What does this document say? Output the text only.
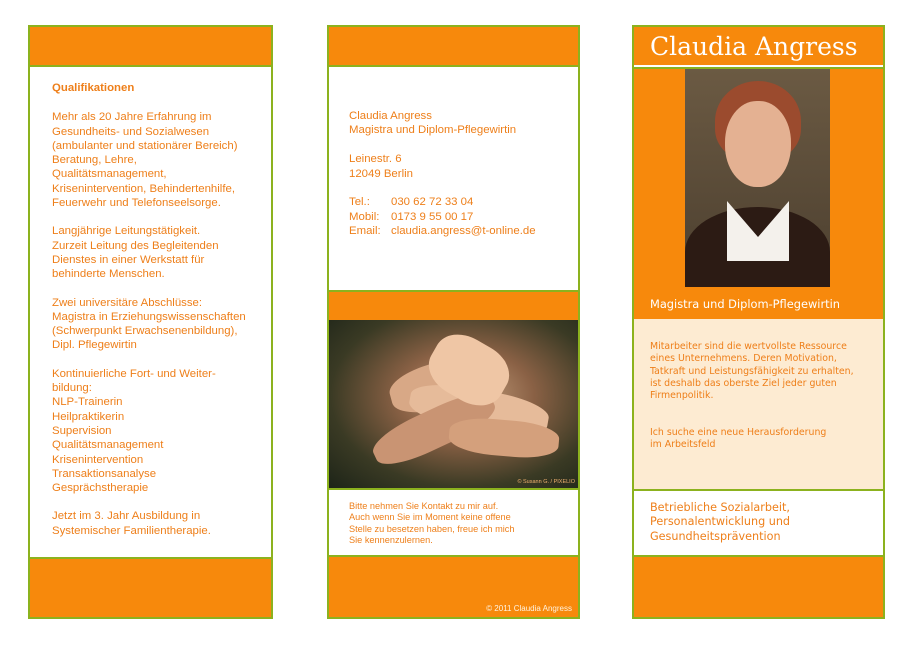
Qualifikationen

Mehr als 20 Jahre Erfahrung im
Gesundheits- und Sozialwesen
(ambulanter und stationärer Bereich)
Beratung, Lehre,
Qualitätsmanagement,
Krisenintervention, Behindertenhilfe,
Feuerwehr und Telefonseelsorge.

Langjährige Leitungstätigkeit.
Zurzeit Leitung des Begleitenden
Dienstes in einer Werkstatt für
behinderte Menschen.

Zwei universitäre Abschlüsse:
Magistra in Erziehungswissenschaften
(Schwerpunkt Erwachsenenbildung),
Dipl. Pflegewirtin

Kontinuierliche Fort- und Weiter-
bildung:
NLP-Trainerin
Heilpraktikerin
Supervision
Qualitätsmanagement
Krisenintervention
Transaktionsanalyse
Gesprächstherapie

Jetzt im 3. Jahr Ausbildung in
Systemischer Familientherapie.

Claudia Angress
Magistra und Diplom-Pflegewirtin
Leinestr. 6
12049 Berlin
Tel.:	030 62 72 33 04
Mobil:	0173 9 55 00 17
Email: claudia.angress@t-online.de
© Susann G. / PIXELIO
Bitte nehmen Sie Kontakt zu mir auf.
Auch wenn Sie im Moment keine offene
Stelle zu besetzen haben, freue ich mich
Sie kennenzulernen.
© 2011 Claudia Angress
Claudia Angress
Magistra und Diplom-Pflegewirtin
Mitarbeiter sind die wertvollste Ressource
eines Unternehmens. Deren Motivation,
Tatkraft und Leistungsfähigkeit zu erhalten,
ist deshalb das oberste Ziel jeder guten
Firmenpolitik.
Ich suche eine neue Herausforderung
im Arbeitsfeld
Betriebliche Sozialarbeit,
Personalentwicklung und
Gesundheitsprävention
